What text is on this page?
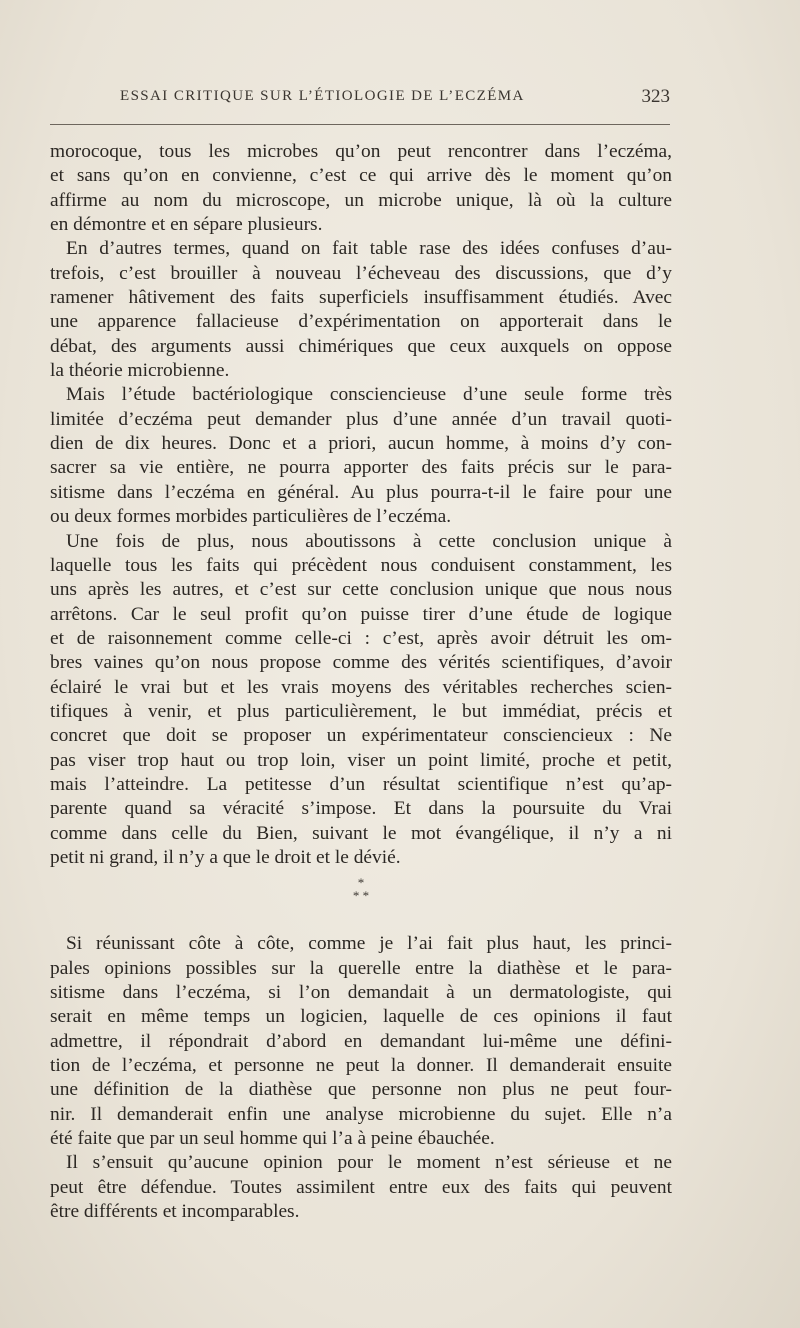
ESSAI CRITIQUE SUR L’ÉTIOLOGIE DE L’ECZÉMA	323
morocoque, tous les microbes qu’on peut rencontrer dans l’eczéma,
et sans qu’on en convienne, c’est ce qui arrive dès le moment qu’on
affirme au nom du microscope, un microbe unique, là où la culture
en démontre et en sépare plusieurs.
En d’autres termes, quand on fait table rase des idées confuses d’au-
trefois, c’est brouiller à nouveau l’écheveau des discussions, que d’y
ramener hâtivement des faits superficiels insuffisamment étudiés. Avec
une apparence fallacieuse d’expérimentation on apporterait dans le
débat, des arguments aussi chimériques que ceux auxquels on oppose
la théorie microbienne.
Mais l’étude bactériologique consciencieuse d’une seule forme très
limitée d’eczéma peut demander plus d’une année d’un travail quoti-
dien de dix heures. Donc et a priori, aucun homme, à moins d’y con-
sacrer sa vie entière, ne pourra apporter des faits précis sur le para-
sitisme dans l’eczéma en général. Au plus pourra-t-il le faire pour une
ou deux formes morbides particulières de l’eczéma.
Une fois de plus, nous aboutissons à cette conclusion unique à
laquelle tous les faits qui précèdent nous conduisent constamment, les
uns après les autres, et c’est sur cette conclusion unique que nous nous
arrêtons. Car le seul profit qu’on puisse tirer d’une étude de logique
et de raisonnement comme celle-ci : c’est, après avoir détruit les om-
bres vaines qu’on nous propose comme des vérités scientifiques, d’avoir
éclairé le vrai but et les vrais moyens des véritables recherches scien-
tifiques à venir, et plus particulièrement, le but immédiat, précis et
concret que doit se proposer un expérimentateur consciencieux : Ne
pas viser trop haut ou trop loin, viser un point limité, proche et petit,
mais l’atteindre. La petitesse d’un résultat scientifique n’est qu’ap-
parente quand sa véracité s’impose. Et dans la poursuite du Vrai
comme dans celle du Bien, suivant le mot évangélique, il n’y a ni
petit ni grand, il n’y a que le droit et le dévié.
*
* *
Si réunissant côte à côte, comme je l’ai fait plus haut, les princi-
pales opinions possibles sur la querelle entre la diathèse et le para-
sitisme dans l’eczéma, si l’on demandait à un dermatologiste, qui
serait en même temps un logicien, laquelle de ces opinions il faut
admettre, il répondrait d’abord en demandant lui-même une défini-
tion de l’eczéma, et personne ne peut la donner. Il demanderait ensuite
une définition de la diathèse que personne non plus ne peut four-
nir. Il demanderait enfin une analyse microbienne du sujet. Elle n’a
été faite que par un seul homme qui l’a à peine ébauchée.
Il s’ensuit qu’aucune opinion pour le moment n’est sérieuse et ne
peut être défendue. Toutes assimilent entre eux des faits qui peuvent
être différents et incomparables.
